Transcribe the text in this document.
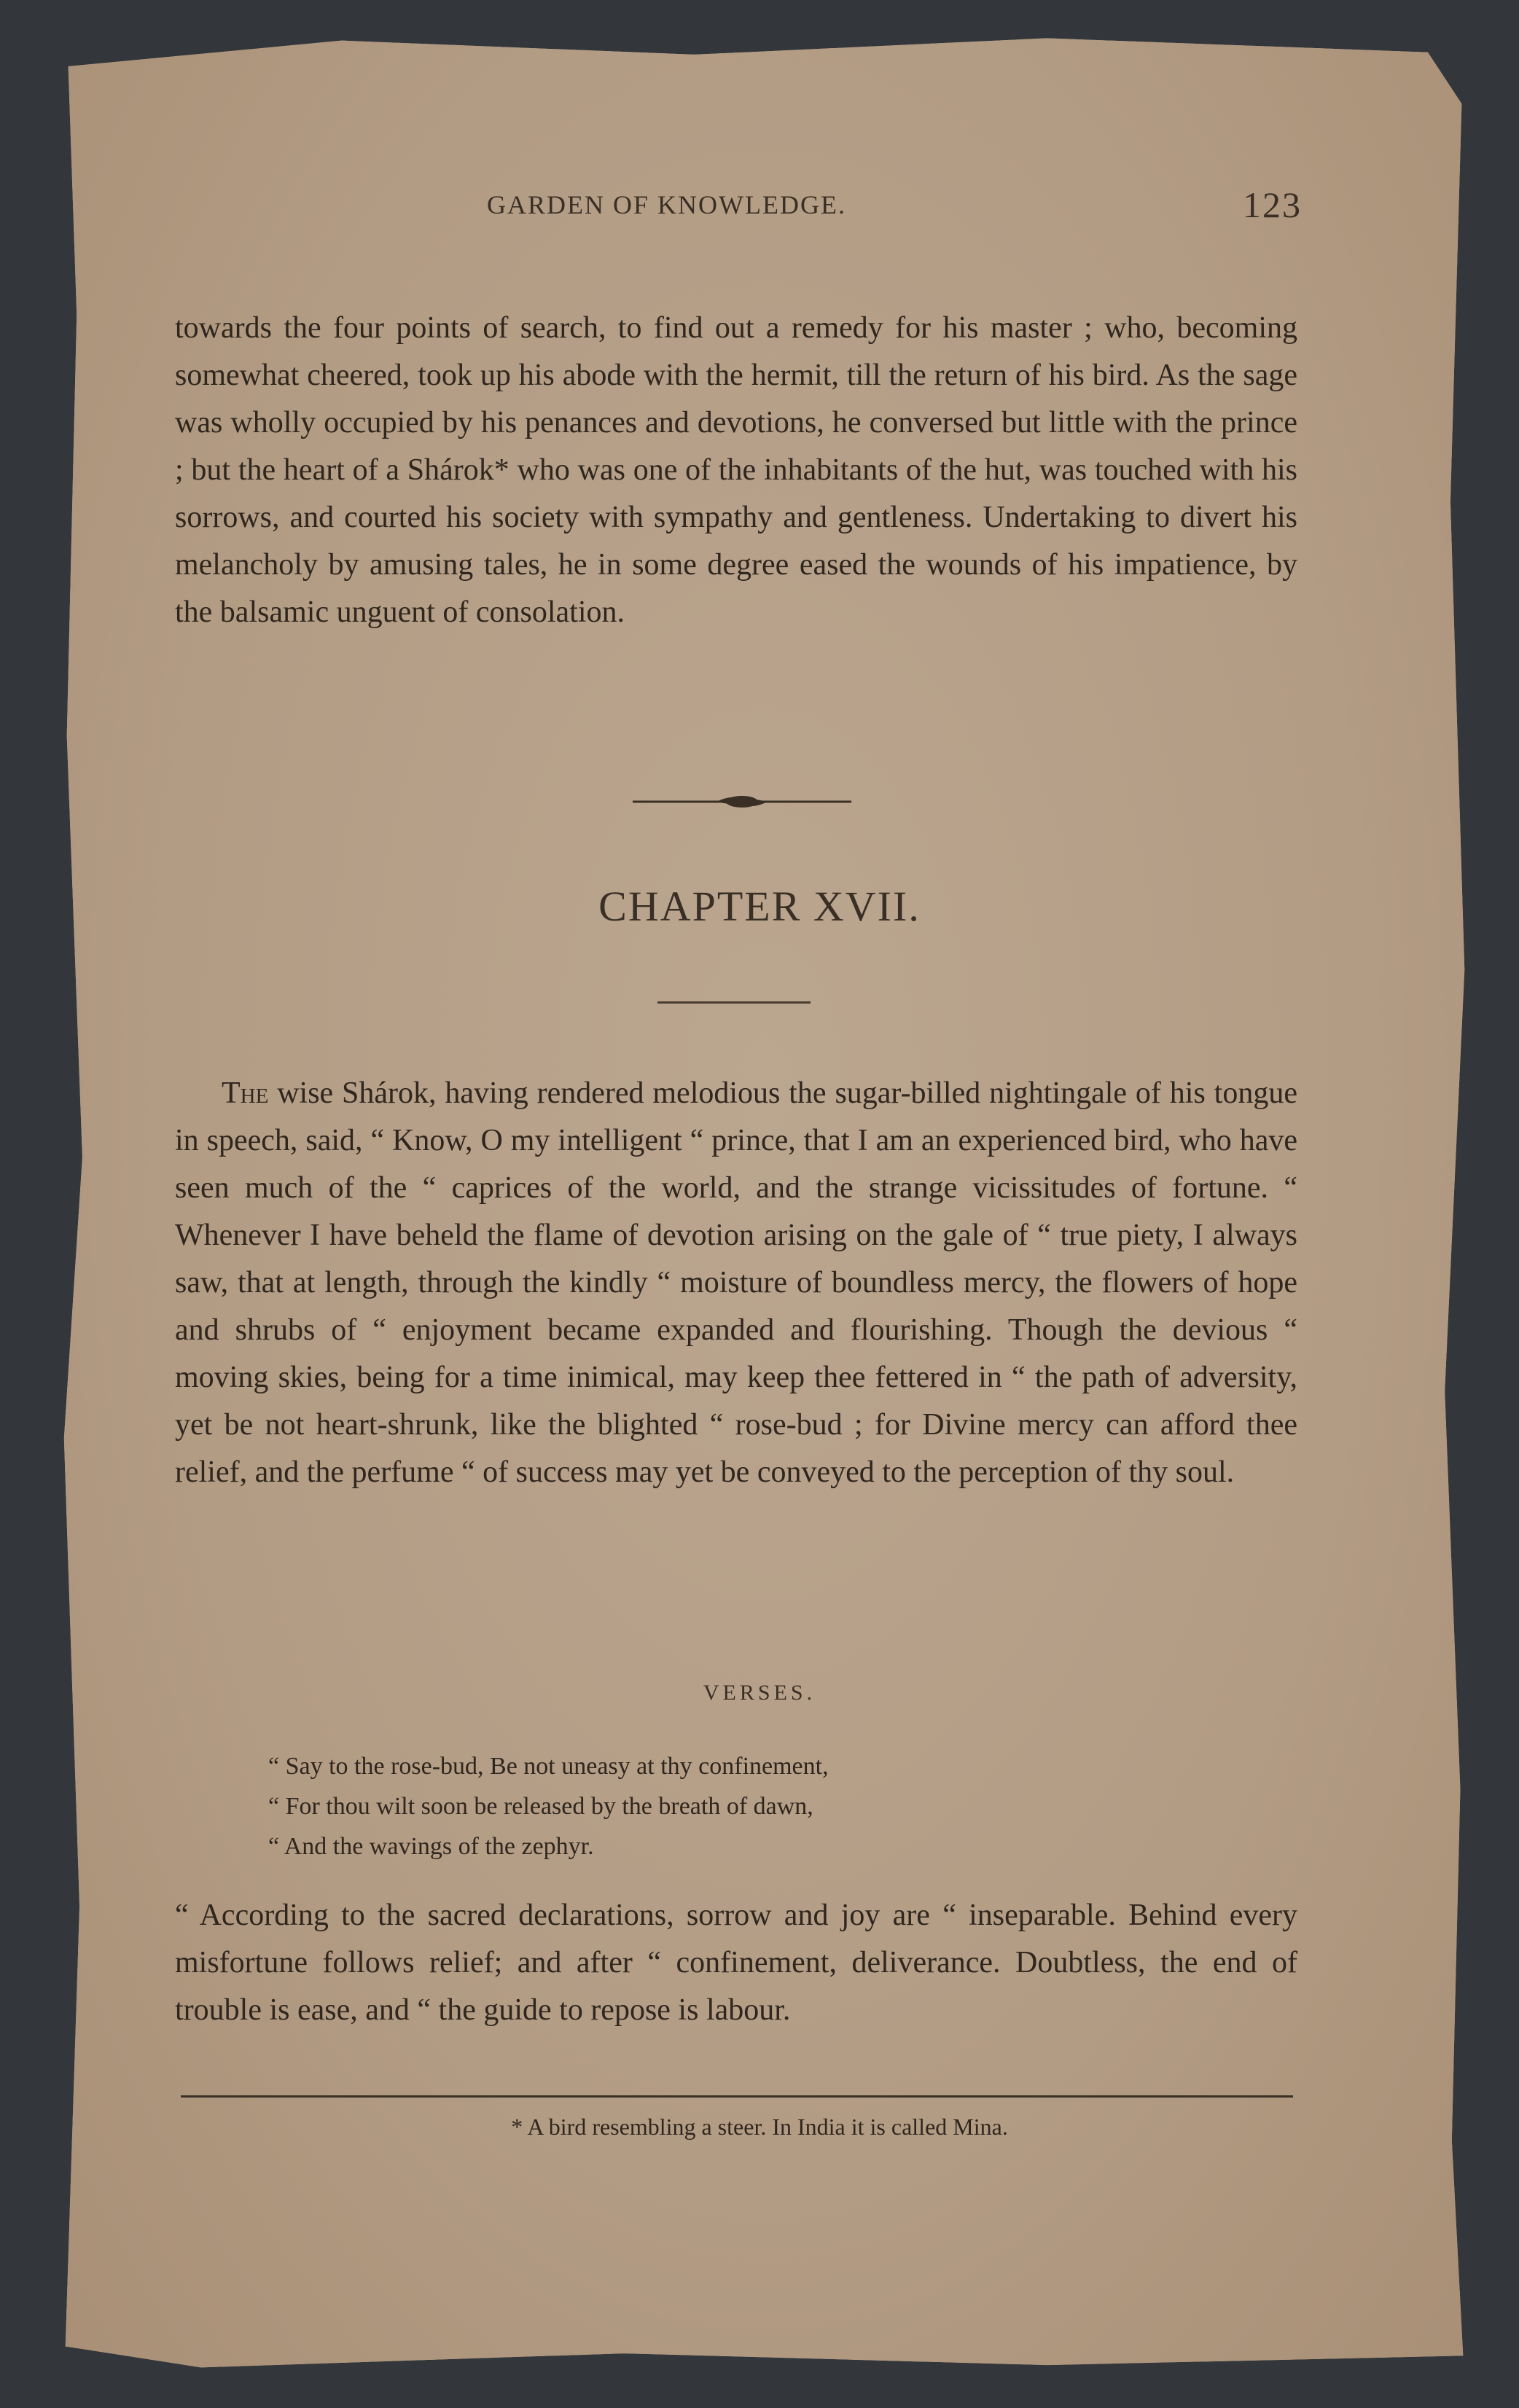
GARDEN OF KNOWLEDGE.	123

towards the four points of search, to find out a remedy for his master ; who, becoming somewhat cheered, took up his abode with the hermit, till the return of his bird. As the sage was wholly occupied by his penances and devotions, he conversed but little with the prince ; but the heart of a Shárok* who was one of the inhabitants of the hut, was touched with his sorrows, and courted his society with sympathy and gentleness. Undertaking to divert his melancholy by amusing tales, he in some degree eased the wounds of his impatience, by the balsamic unguent of consolation.

CHAPTER XVII.

The wise Shárok, having rendered melodious the sugar-billed nightingale of his tongue in speech, said, “ Know, O my intelligent “ prince, that I am an experienced bird, who have seen much of the “ caprices of the world, and the strange vicissitudes of fortune. “ Whenever I have beheld the flame of devotion arising on the gale of “ true piety, I always saw, that at length, through the kindly “ moisture of boundless mercy, the flowers of hope and shrubs of “ enjoyment became expanded and flourishing. Though the devious “ moving skies, being for a time inimical, may keep thee fettered in “ the path of adversity, yet be not heart-shrunk, like the blighted “ rose-bud ; for Divine mercy can afford thee relief, and the perfume “ of success may yet be conveyed to the perception of thy soul.

VERSES.
“ Say to the rose-bud, Be not uneasy at thy confinement,
“ For thou wilt soon be released by the breath of dawn,
“ And the wavings of the zephyr.

“ According to the sacred declarations, sorrow and joy are “ inseparable. Behind every misfortune follows relief; and after “ confinement, deliverance. Doubtless, the end of trouble is ease, and “ the guide to repose is labour.

* A bird resembling a steer. In India it is called Mina.
